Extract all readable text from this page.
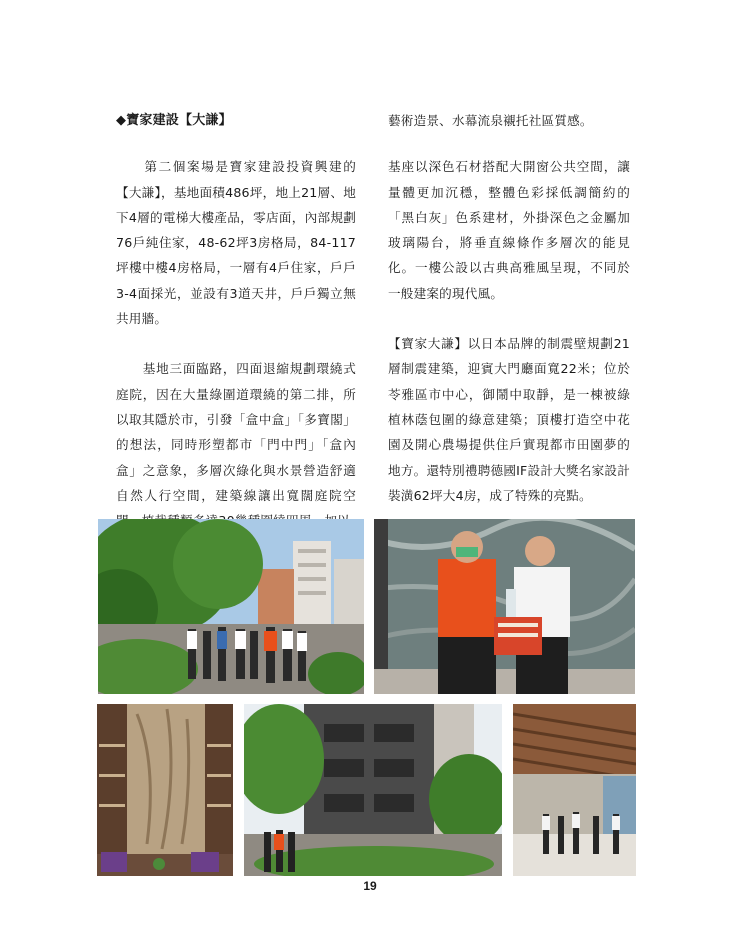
◆寶家建設【大謙】
　　第二個案場是寶家建設投資興建的【大謙】，基地面積486坪，地上21層、地下4層的電梯大樓產品，零店面，內部規劃76戶純住家，48-62坪3房格局，84-117坪樓中樓4房格局，一層有4戶住家，戶戶3-4面採光，並設有3道天井，戶戶獨立無共用牆。
　　基地三面臨路，四面退縮規劃環繞式庭院，因在大量綠圍道環繞的第二排，所以取其隱於市，引發「盒中盒」「多寶閣」的想法，同時形塑都市「門中門」「盒內盒」之意象，多層次綠化與水景營造舒適自然人行空間，建築線讓出寬闊庭院空
藝術造景、水幕流泉襯托社區質感。
基座以深色石材搭配大開窗公共空間，讓量體更加沉穩，整體色彩採低調簡約的「黑白灰」色系建材，外掛深色之金屬加玻璃陽台，將垂直線條作多層次的能見化。一樓公設以古典高雅風呈現，不同於一般建案的現代風。
【寶家大謙】以日本品牌的制震壁規劃21層制震建築，迎賓大門廳面寬22米；位於苓雅區市中心，御鬧中取靜，是一棟被綠植林蔭包圍的綠意建築；頂樓打造空中花園及開心農場提供住戶實現都市田園夢的地方。還特別禮聘德國IF設計大獎名家設計裝潢62坪大4房，成了特殊的亮點。
19
